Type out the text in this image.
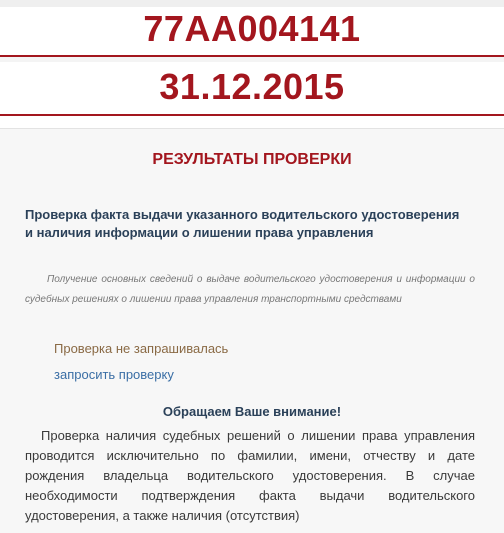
77АА004141
31.12.2015
РЕЗУЛЬТАТЫ ПРОВЕРКИ
Проверка факта выдачи указанного водительского удостоверения и наличия информации о лишении права управления
Получение основных сведений о выдаче водительского удостоверения и информации о судебных решениях о лишении права управления транспортными средствами
Проверка не запрашивалась
запросить проверку
Обращаем Ваше внимание!
Проверка наличия судебных решений о лишении права управления проводится исключительно по фамилии, имени, отчеству и дате рождения владельца водительского удостоверения. В случае необходимости подтверждения факта выдачи водительского удостоверения, а также наличия (отсутствия)
